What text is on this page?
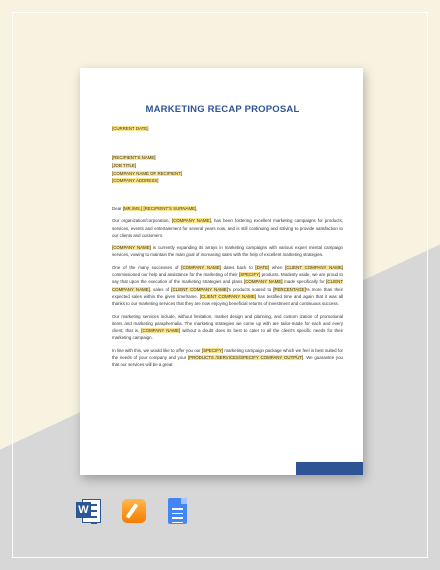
MARKETING RECAP PROPOSAL
[CURRENT DATE]
[RECIPIENT'S NAME]
[JOB TITLE]
[COMPANY NAME OF RECIPIENT]
[COMPANY ADDRESS]
Dear [MR./MS.] [RECIPIENT'S SURNAME],
Our organization/corporation, [COMPANY NAME], has been fostering excellent marketing campaigns for products, services, events and entertainment for several years now, and is still continuing and striving to provide satisfaction to our clients and customers.
[COMPANY NAME] is currently expanding its arrays in marketing campaigns with various experi mental campaign services, vowing to maintain the main goal of increasing sales with the help of excellent marketing strategies.
One of the many successes of [COMPANY NAME] dates back to [DATE] when [CLIENT COMPANY NAME] commissioned our help and assistance for the marketing of their [SPECIFY] products. Modesty aside, we are proud to say that upon the execution of the marketing strategies and plans [COMPANY NAME] made specifically for [CLIENT COMPANY NAME], sales of [CLIENT COMPANY NAME]'s products soared to [PERCENTAGE]% more than their expected sales within the given timeframe. [CLIENT COMPANY NAME] has testified time and again that it was all thanks to our marketing services that they are now enjoying beneficial returns of investment and continuous success.
Our marketing services include, without limitation, market design and planning, and custom ization of promotional items and marketing paraphernalia. The marketing strategies we come up with are tailor-made for each and every client; that is, [COMPANY NAME] without a doubt does its best to cater to all the client's specific needs for their marketing campaign.
In line with this, we would like to offer you our [SPECIFY] marketing campaign package which we feel is best suited for the needs of your company and your [PRODUCTS /SERVICES/SPECIFY COMPANY OUTPUT]. We guarantee you that our services will be a great
W
